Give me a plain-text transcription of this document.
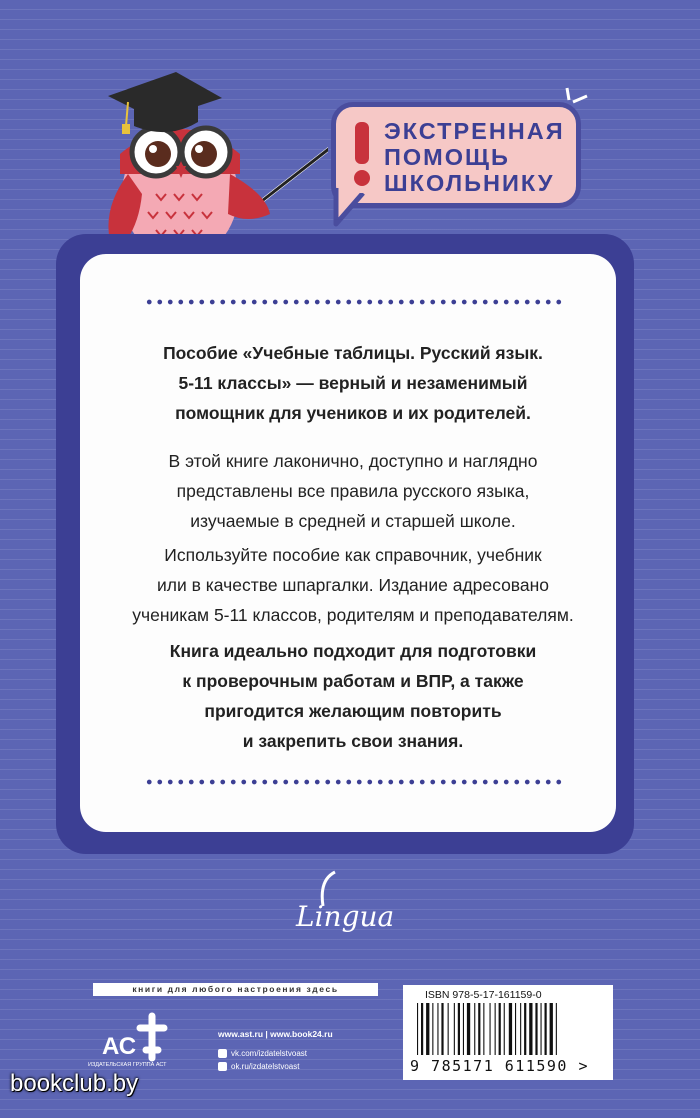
ЭКСТРЕННАЯ
ПОМОЩЬ
ШКОЛЬНИКУ
Пособие «Учебные таблицы. Русский язык.
5-11 классы» — верный и незаменимый
помощник для учеников и их родителей.
В этой книге лаконично, доступно и наглядно
представлены все правила русского языка,
изучаемые в средней и старшей школе.
Используйте пособие как справочник, учебник
или в качестве шпаргалки. Издание адресовано
ученикам 5-11 классов, родителям и преподавателям.
Книга идеально подходит для подготовки
к проверочным работам и ВПР, а также
пригодится желающим повторить
и закрепить свои знания.
Lingua
книги для любого настроения здесь
АС
ИЗДАТЕЛЬСКАЯ ГРУППА АСТ
www.ast.ru | www.book24.ru
vk.com/izdatelstvoast
ok.ru/izdatelstvoast
ISBN 978-5-17-161159-0
9 785171 611590 >
bookclub.by
